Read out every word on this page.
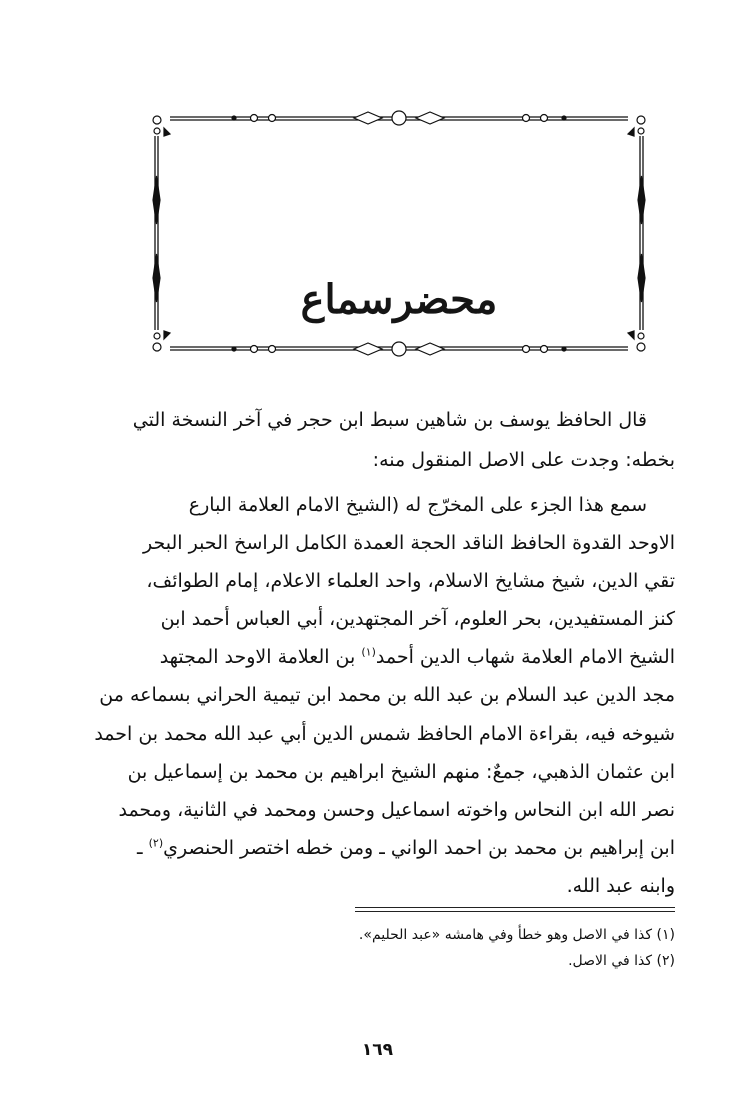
محضرسماع
قال الحافظ يوسف بن شاهين سبط ابن حجر في آخر النسخة التي
بخطه: وجدت على الاصل المنقول منه:
سمع هذا الجزء على المخرّج له (الشيخ الامام العلامة البارع
الاوحد القدوة الحافظ الناقد الحجة العمدة الكامل الراسخ الحبر البحر
تقي الدين، شيخ مشايخ الاسلام، واحد العلماء الاعلام، إمام الطوائف،
كنز المستفيدين، بحر العلوم، آخر المجتهدين، أبي العباس أحمد ابن
الشيخ الامام العلامة شهاب الدين أحمد$^{(١)}$ بن العلامة الاوحد المجتهد
مجد الدين عبد السلام بن عبد الله بن محمد ابن تيمية الحراني بسماعه من
شيوخه فيه، بقراءة الامام الحافظ شمس الدين أبي عبد الله محمد بن احمد
ابن عثمان الذهبي، جمعٌ: منهم الشيخ ابراهيم بن محمد بن إسماعيل بن
نصر الله ابن النحاس واخوته اسماعيل وحسن ومحمد في الثانية، ومحمد
ابن إبراهيم بن محمد بن احمد الواني ـ ومن خطه اختصر الحنصري$^{(٢)}$ ـ
وابنه عبد الله.
(١) كذا في الاصل وهو خطأ وفي هامشه «عبد الحليم».
(٢) كذا في الاصل.
١٦٩
